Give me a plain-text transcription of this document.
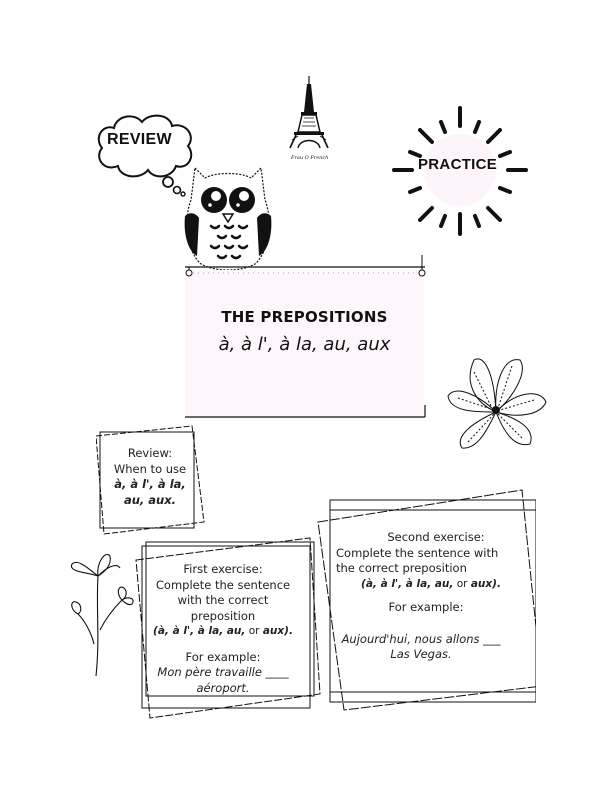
REVIEW
Frau O French	PRACTICE
THE PREPOSITIONS
à, à l', à la, au, aux
Review:
When to use
à, à l', à la,
au, aux.
First exercise:
Complete the sentence
with the correct
preposition
(à, à l', à la, au, or aux).
For example:
Mon père travaille ____
aéroport.
Second exercise:
Complete the sentence with
the correct preposition
(à, à l', à la, au, or aux).
For example:
Aujourd'hui, nous allons ___
Las Vegas.
